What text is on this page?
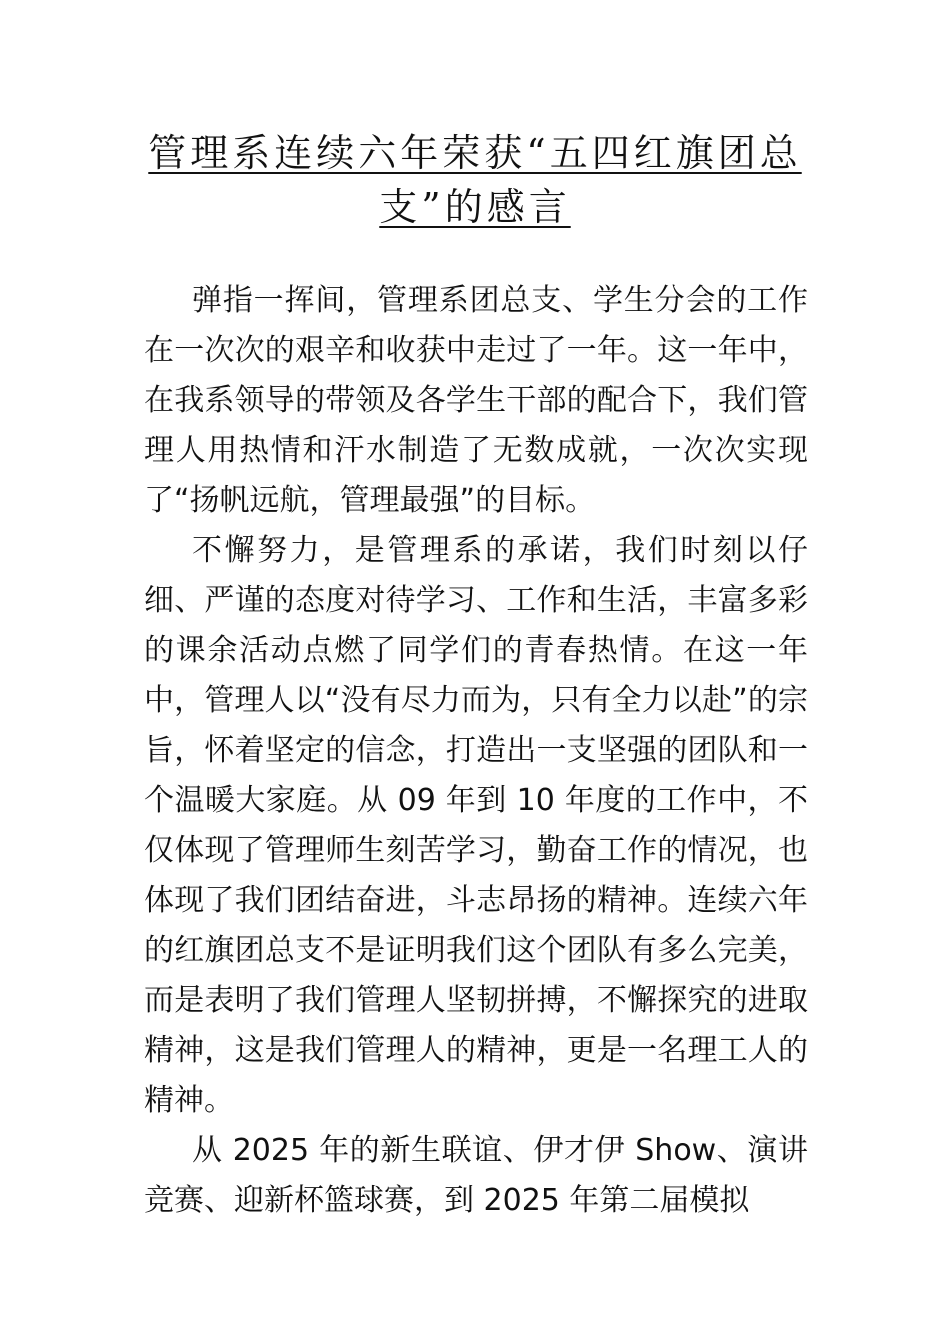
管理系连续六年荣获“五四红旗团总支”的感言

弹指一挥间，管理系团总支、学生分会的工作在一次次的艰辛和收获中走过了一年。这一年中，在我系领导的带领及各学生干部的配合下，我们管理人用热情和汗水制造了无数成就，一次次实现了“扬帆远航，管理最强”的目标。

不懈努力，是管理系的承诺，我们时刻以仔细、严谨的态度对待学习、工作和生活，丰富多彩的课余活动点燃了同学们的青春热情。在这一年中，管理人以“没有尽力而为，只有全力以赴”的宗旨，怀着坚定的信念，打造出一支坚强的团队和一个温暖大家庭。从 09 年到 10 年度的工作中，不仅体现了管理师生刻苦学习，勤奋工作的情况，也体现了我们团结奋进，斗志昂扬的精神。连续六年的红旗团总支不是证明我们这个团队有多么完美，而是表明了我们管理人坚韧拼搏，不懈探究的进取精神，这是我们管理人的精神，更是一名理工人的精神。

从 2025 年的新生联谊、伊才伊 Show、演讲竞赛、迎新杯篮球赛，到 2025 年第二届模拟
